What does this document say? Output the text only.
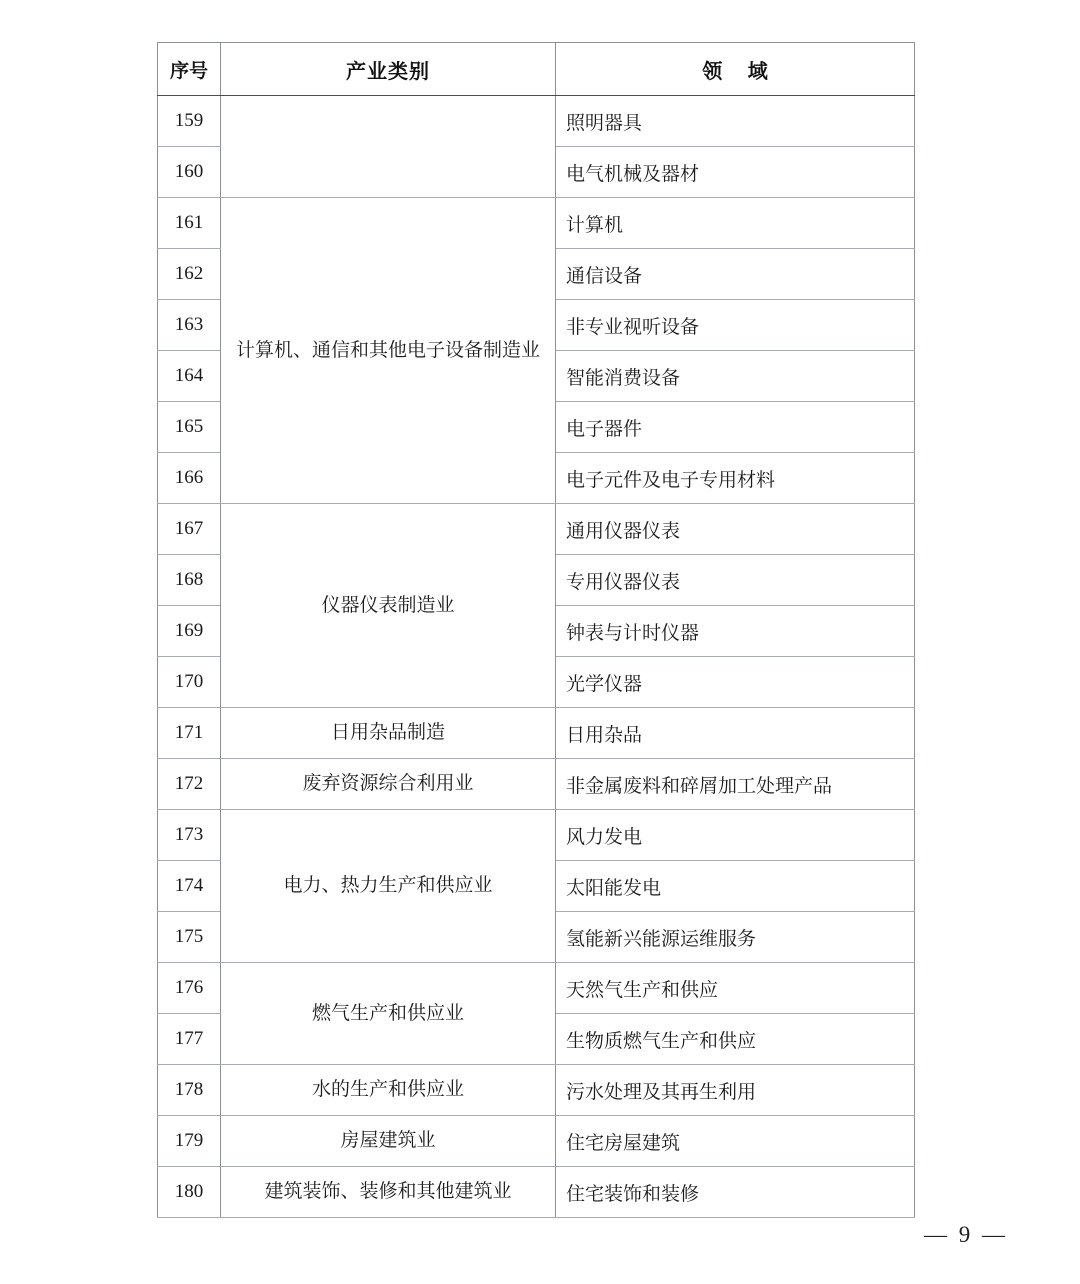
序号	产业类别	领 域
159		照明器具
160		电气机械及器材
161	计算机、通信和其他电子设备制造业	计算机
162		通信设备
163		非专业视听设备
164		智能消费设备
165		电子器件
166		电子元件及电子专用材料
167	仪器仪表制造业	通用仪器仪表
168		专用仪器仪表
169		钟表与计时仪器
170		光学仪器
171	日用杂品制造	日用杂品
172	废弃资源综合利用业	非金属废料和碎屑加工处理产品
173	电力、热力生产和供应业	风力发电
174		太阳能发电
175		氢能新兴能源运维服务
176	燃气生产和供应业	天然气生产和供应
177		生物质燃气生产和供应
178	水的生产和供应业	污水处理及其再生利用
179	房屋建筑业	住宅房屋建筑
180	建筑装饰、装修和其他建筑业	住宅装饰和装修
— 9 —
